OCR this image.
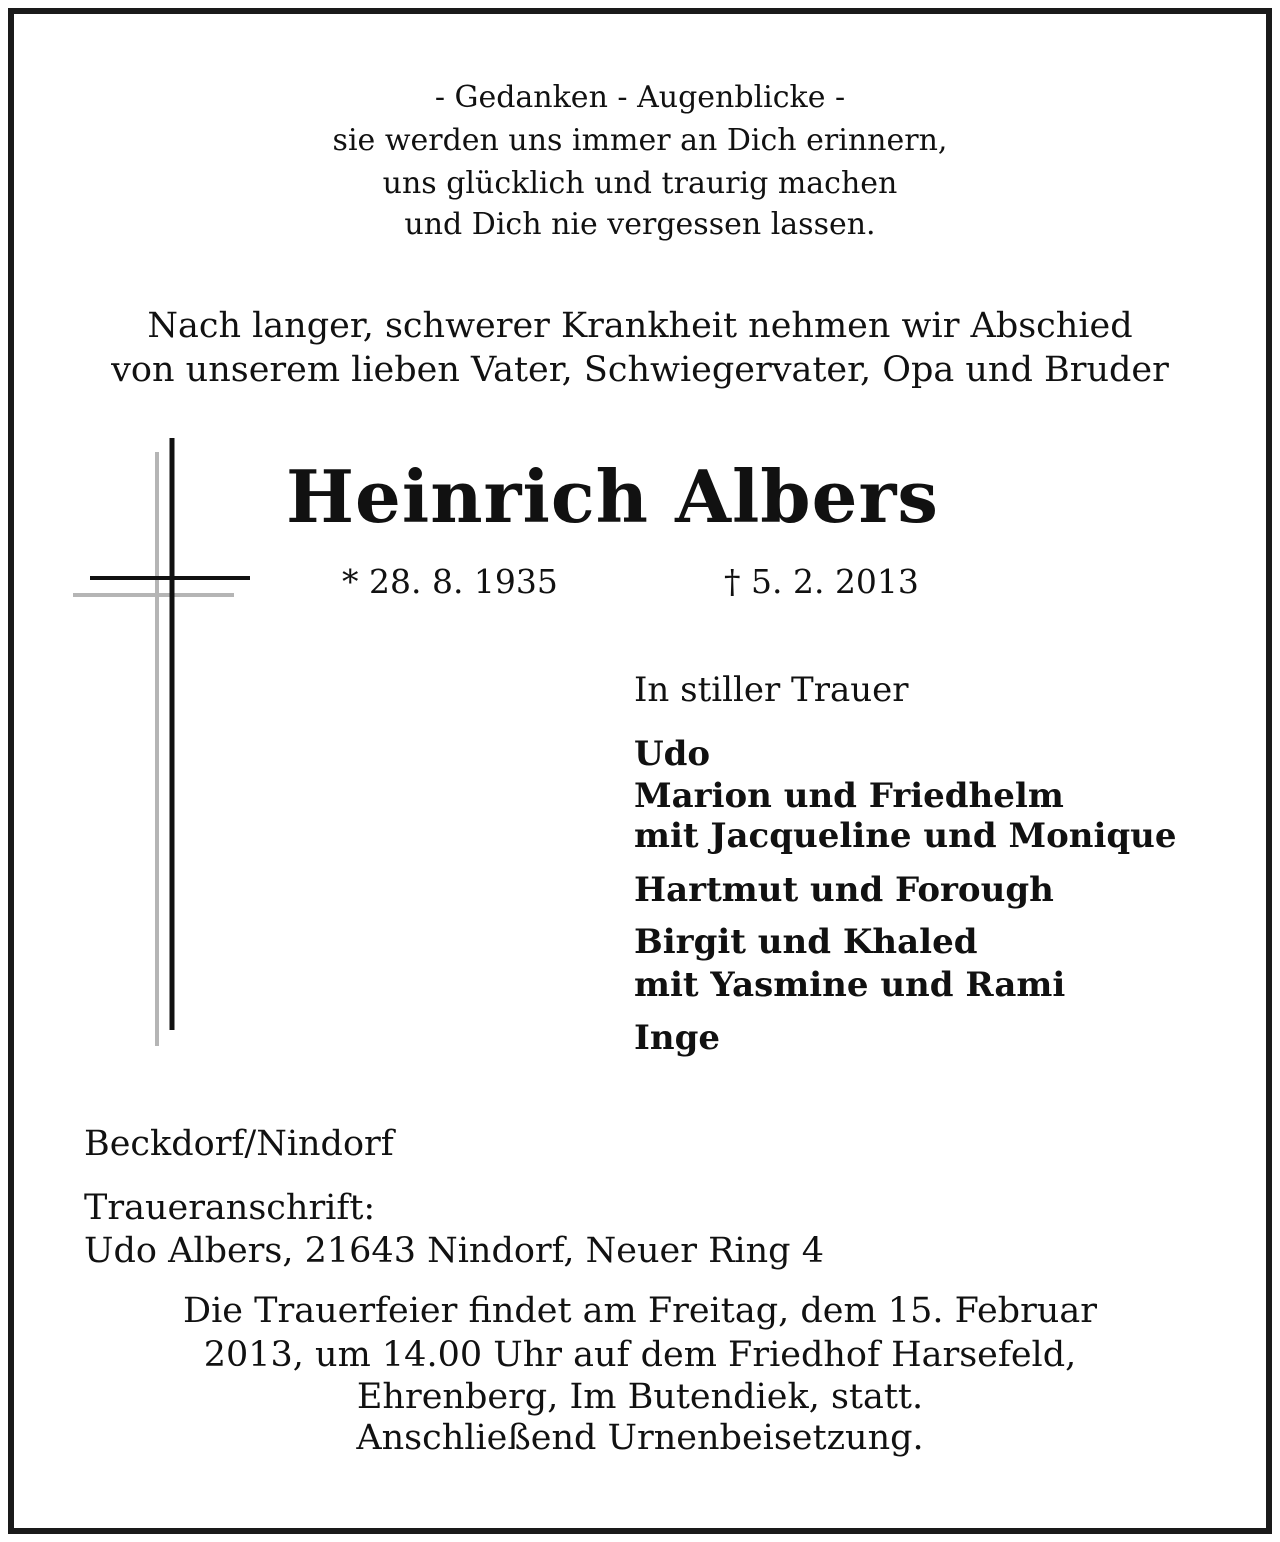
- Gedanken - Augenblicke -
sie werden uns immer an Dich erinnern,
uns glücklich und traurig machen
und Dich nie vergessen lassen.
Nach langer, schwerer Krankheit nehmen wir Abschied
von unserem lieben Vater, Schwiegervater, Opa und Bruder
Heinrich Albers
* 28. 8. 1935	† 5. 2. 2013
In stiller Trauer
Udo
Marion und Friedhelm
mit Jacqueline und Monique
Hartmut und Forough
Birgit und Khaled
mit Yasmine und Rami
Inge
Beckdorf/Nindorf
Traueranschrift:
Udo Albers, 21643 Nindorf, Neuer Ring 4
Die Trauerfeier findet am Freitag, dem 15. Februar
2013, um 14.00 Uhr auf dem Friedhof Harsefeld,
Ehrenberg, Im Butendiek, statt.
Anschließend Urnenbeisetzung.
